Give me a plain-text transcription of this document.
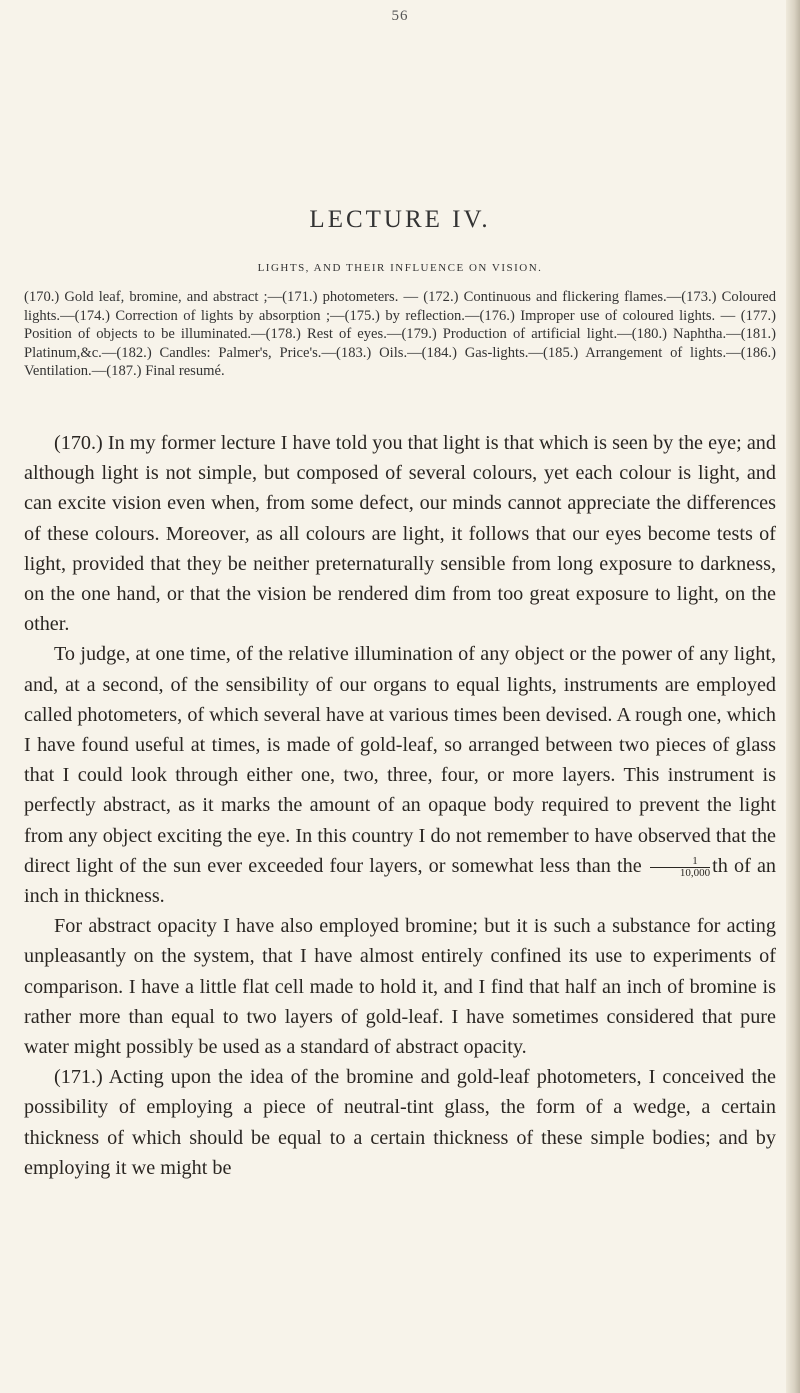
56
LECTURE IV.
LIGHTS, AND THEIR INFLUENCE ON VISION.
(170.) Gold leaf, bromine, and abstract ;—(171.) photometers. — (172.) Continuous and flickering flames.—(173.) Coloured lights.—(174.) Correction of lights by absorption ;—(175.) by reflection.—(176.) Improper use of coloured lights. — (177.) Position of objects to be illuminated.—(178.) Rest of eyes.—(179.) Production of artificial light.—(180.) Naphtha.—(181.) Platinum,&c.—(182.) Candles: Palmer's, Price's.—(183.) Oils.—(184.) Gas-lights.—(185.) Arrangement of lights.—(186.) Ventilation.—(187.) Final resumé.

(170.) In my former lecture I have told you that light is that which is seen by the eye; and although light is not simple, but composed of several colours, yet each colour is light, and can excite vision even when, from some defect, our minds cannot appreciate the differences of these colours. Moreover, as all colours are light, it follows that our eyes become tests of light, provided that they be neither preternaturally sensible from long exposure to darkness, on the one hand, or that the vision be rendered dim from too great exposure to light, on the other.

To judge, at one time, of the relative illumination of any object or the power of any light, and, at a second, of the sensibility of our organs to equal lights, instruments are employed called photometers, of which several have at various times been devised. A rough one, which I have found useful at times, is made of gold-leaf, so arranged between two pieces of glass that I could look through either one, two, three, four, or more layers. This instrument is perfectly abstract, as it marks the amount of an opaque body required to prevent the light from any object exciting the eye. In this country I do not remember to have observed that the direct light of the sun ever exceeded four layers, or somewhat less than the $\frac{1}{10,000}$ th of an inch in thickness.

For abstract opacity I have also employed bromine; but it is such a substance for acting unpleasantly on the system, that I have almost entirely confined its use to experiments of comparison. I have a little flat cell made to hold it, and I find that half an inch of bromine is rather more than equal to two layers of gold-leaf. I have sometimes considered that pure water might possibly be used as a standard of abstract opacity.

(171.) Acting upon the idea of the bromine and gold-leaf photometers, I conceived the possibility of employing a piece of neutral-tint glass, the form of a wedge, a certain thickness of which should be equal to a certain thickness of these simple bodies; and by employing it we might be
